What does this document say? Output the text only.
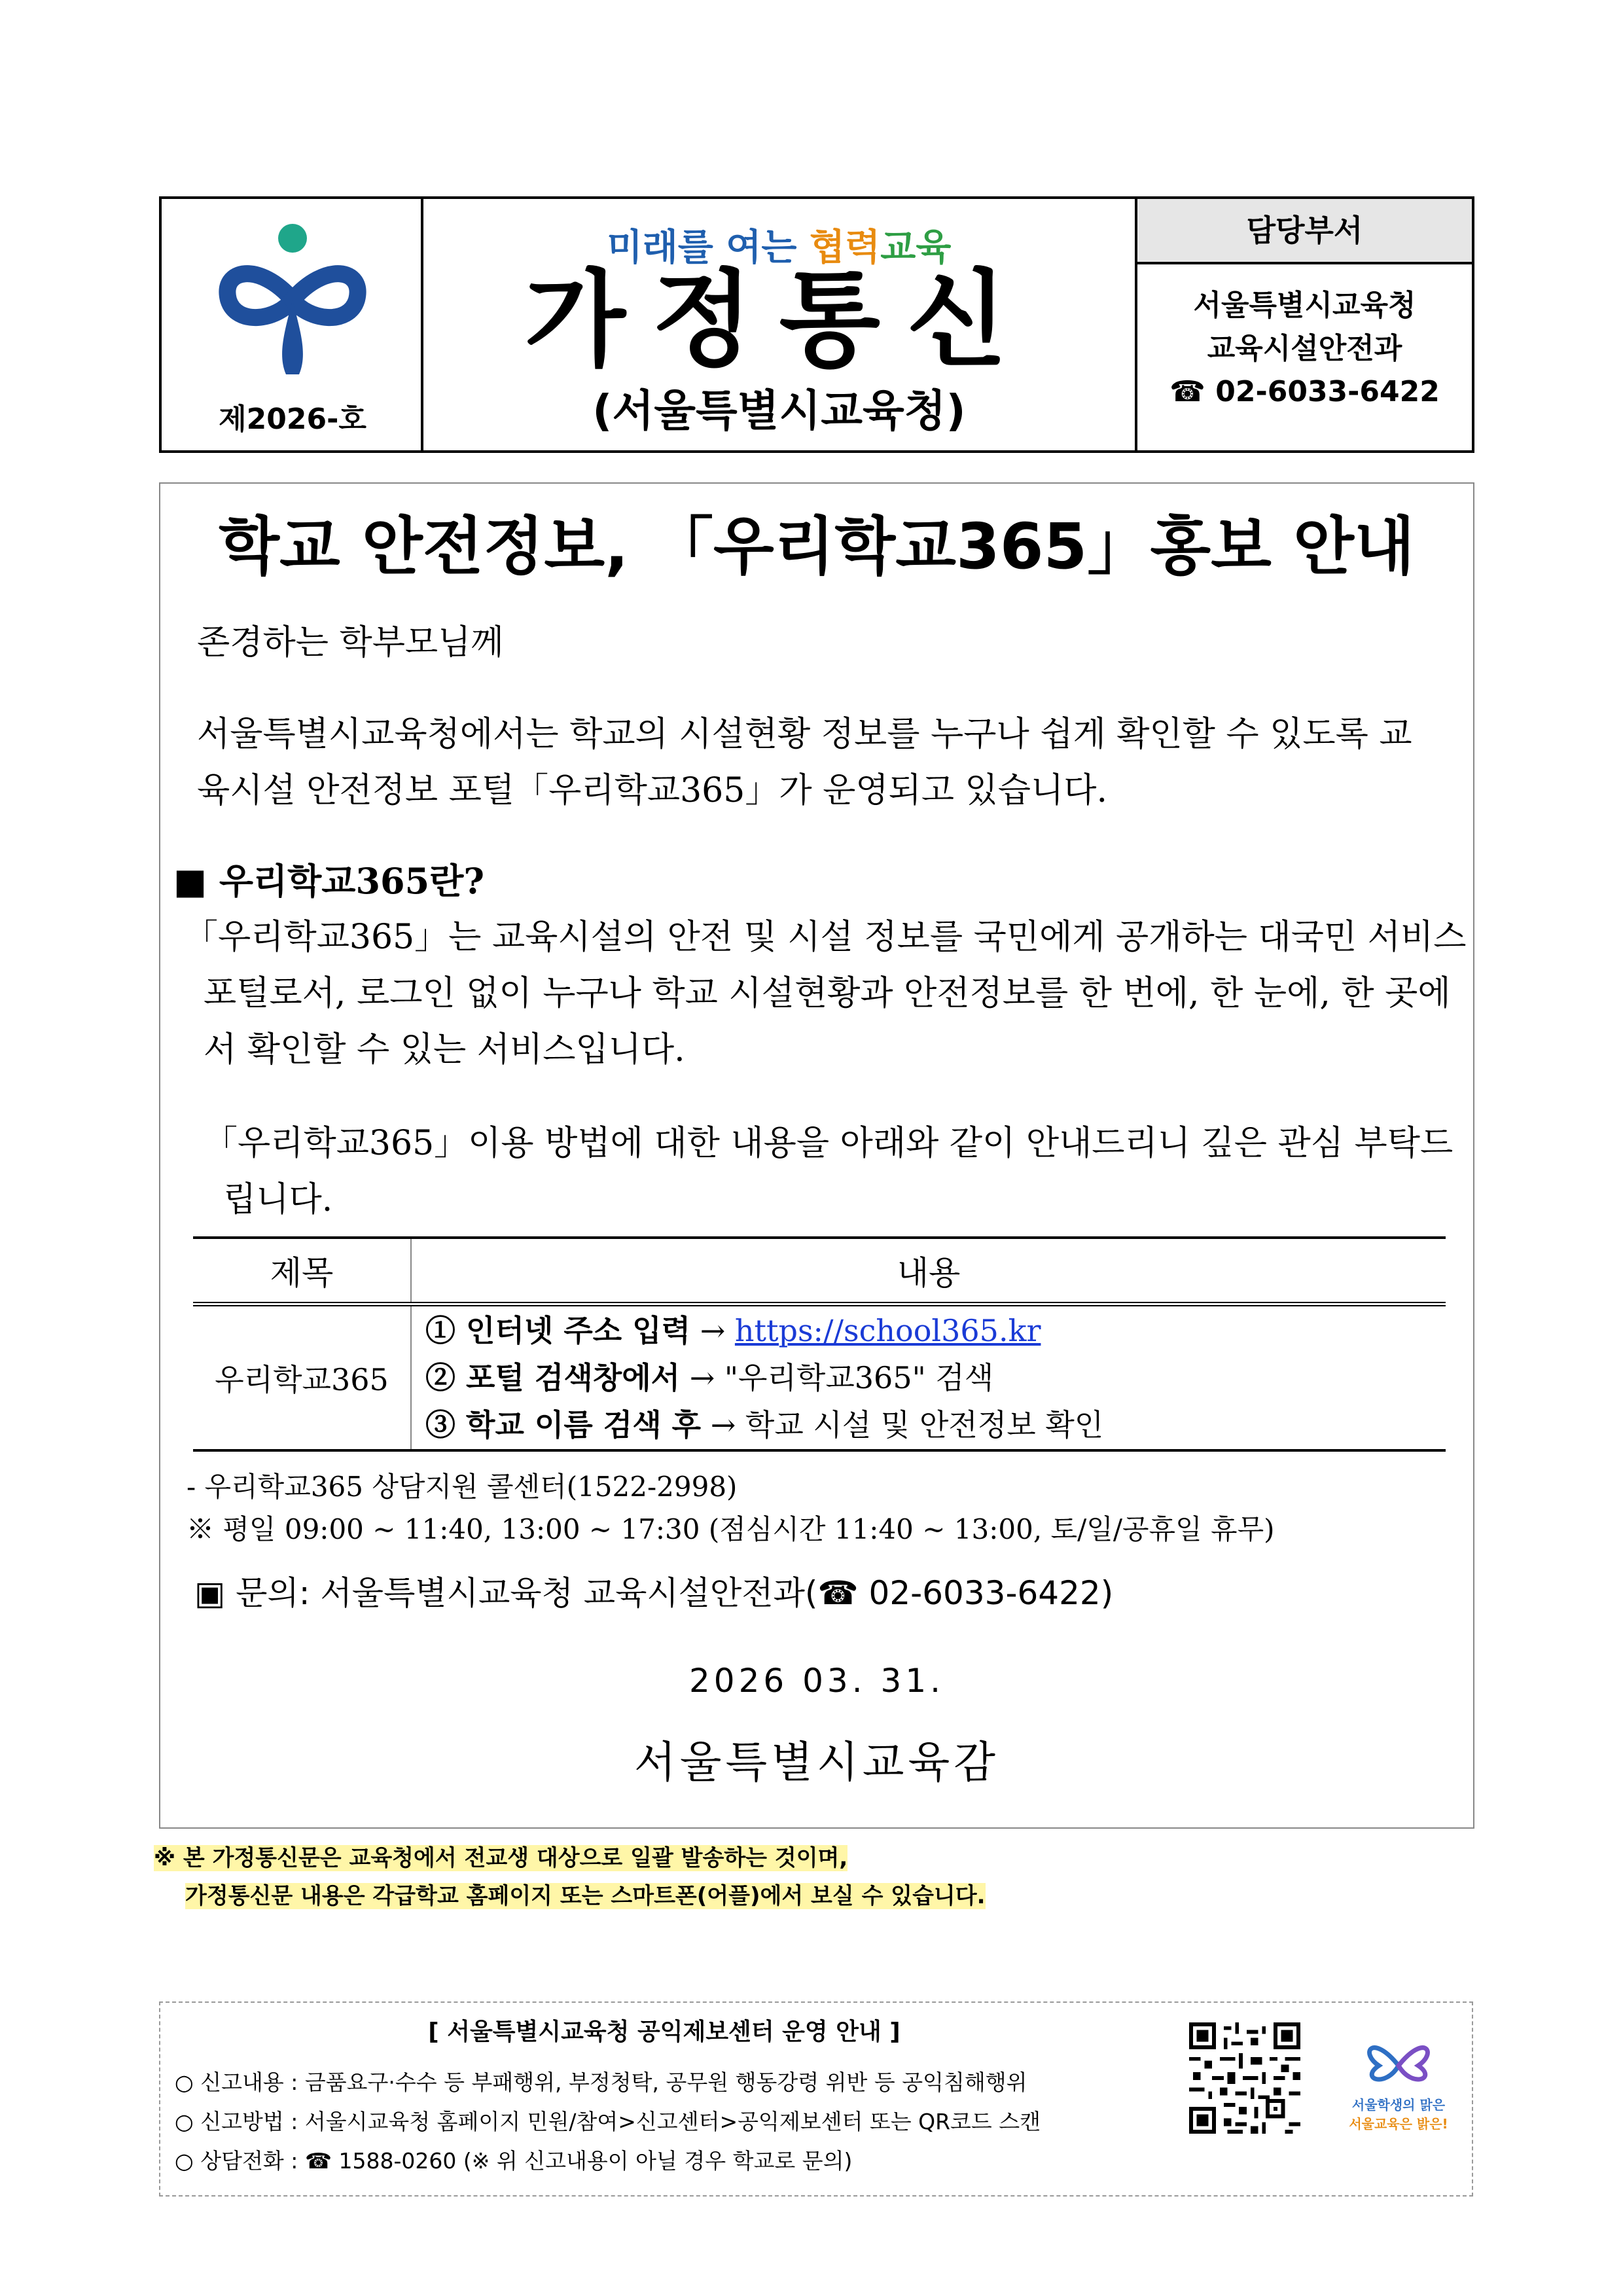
제2026-호
미래를 여는 협력교육
가정통신
(서울특별시교육청)
담당부서
서울특별시교육청
교육시설안전과
☎ 02-6033-6422
학교 안전정보, 「우리학교365」홍보 안내
존경하는 학부모님께
서울특별시교육청에서는 학교의 시설현황 정보를 누구나 쉽게 확인할 수 있도록 교육시설 안전정보 포털「우리학교365」가 운영되고 있습니다.
■ 우리학교365란?
「우리학교365」는 교육시설의 안전 및 시설 정보를 국민에게 공개하는 대국민 서비스 포털로서, 로그인 없이 누구나 학교 시설현황과 안전정보를 한 번에, 한 눈에, 한 곳에서 확인할 수 있는 서비스입니다.
「우리학교365」이용 방법에 대한 내용을 아래와 같이 안내드리니 깊은 관심 부탁드립니다.
제목	내용
우리학교365	① 인터넷 주소 입력 → https://school365.kr
② 포털 검색창에서 → "우리학교365" 검색
③ 학교 이름 검색 후 → 학교 시설 및 안전정보 확인
- 우리학교365 상담지원 콜센터(1522-2998)
※ 평일 09:00 ~ 11:40, 13:00 ~ 17:30 (점심시간 11:40 ~ 13:00, 토/일/공휴일 휴무)
▣ 문의: 서울특별시교육청 교육시설안전과(☎ 02-6033-6422)
2026 03. 31.
서울특별시교육감
※ 본 가정통신문은 교육청에서 전교생 대상으로 일괄 발송하는 것이며,
가정통신문 내용은 각급학교 홈페이지 또는 스마트폰(어플)에서 보실 수 있습니다.
[ 서울특별시교육청 공익제보센터 운영 안내 ]
○ 신고내용 : 금품요구·수수 등 부패행위, 부정청탁, 공무원 행동강령 위반 등 공익침해행위
○ 신고방법 : 서울시교육청 홈페이지 민원/참여>신고센터>공익제보센터 또는 QR코드 스캔
○ 상담전화 : ☎ 1588-0260 (※ 위 신고내용이 아닐 경우 학교로 문의)
서울학생의 맑은
서울교육은 밝은!
